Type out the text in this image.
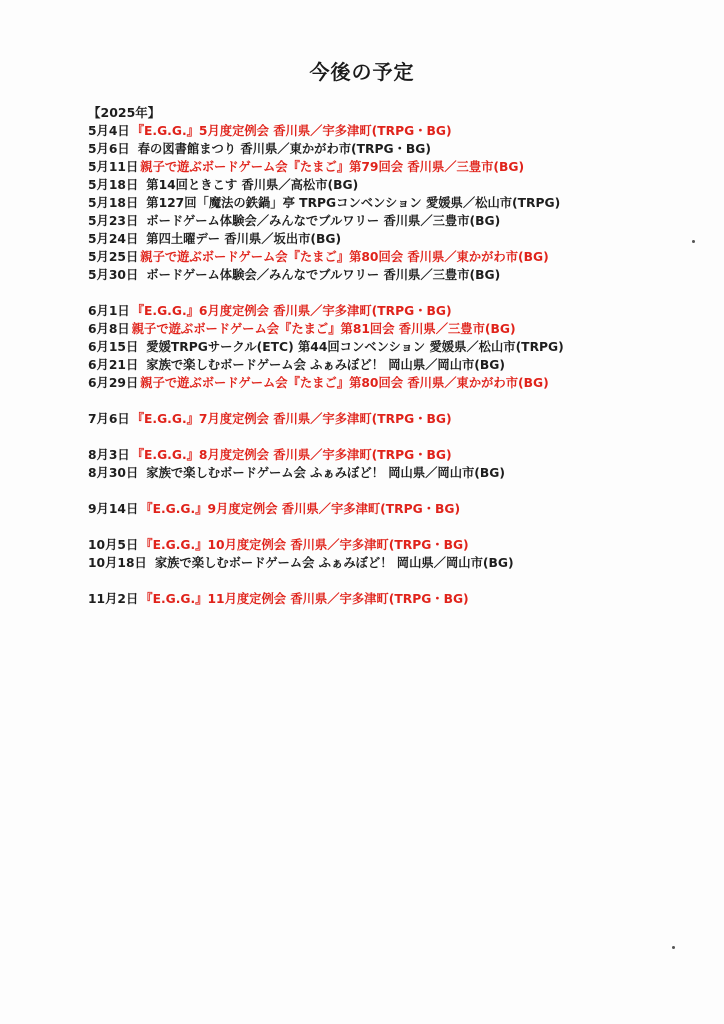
今後の予定
【2025年】
5月4日 『E.G.G.』5月度定例会 香川県／宇多津町(TRPG・BG)
5月6日 春の図書館まつり 香川県／東かがわ市(TRPG・BG)
5月11日 親子で遊ぶボードゲーム会『たまご』第79回会 香川県／三豊市(BG)
5月18日 第14回ときこす 香川県／高松市(BG)
5月18日 第127回「魔法の鉄鍋」亭 TRPGコンベンション 愛媛県／松山市(TRPG)
5月23日 ボードゲーム体験会／みんなでブルワリー 香川県／三豊市(BG)
5月24日 第四土曜デー 香川県／坂出市(BG)
5月25日 親子で遊ぶボードゲーム会『たまご』第80回会 香川県／東かがわ市(BG)
5月30日 ボードゲーム体験会／みんなでブルワリー 香川県／三豊市(BG)
6月1日 『E.G.G.』6月度定例会 香川県／宇多津町(TRPG・BG)
6月8日 親子で遊ぶボードゲーム会『たまご』第81回会 香川県／三豊市(BG)
6月15日 愛媛TRPGサークル(ETC) 第44回コンベンション 愛媛県／松山市(TRPG)
6月21日 家族で楽しむボードゲーム会 ふぁみぼど！ 岡山県／岡山市(BG)
6月29日 親子で遊ぶボードゲーム会『たまご』第80回会 香川県／東かがわ市(BG)
7月6日 『E.G.G.』7月度定例会 香川県／宇多津町(TRPG・BG)
8月3日 『E.G.G.』8月度定例会 香川県／宇多津町(TRPG・BG)
8月30日 家族で楽しむボードゲーム会 ふぁみぼど！ 岡山県／岡山市(BG)
9月14日 『E.G.G.』9月度定例会 香川県／宇多津町(TRPG・BG)
10月5日 『E.G.G.』10月度定例会 香川県／宇多津町(TRPG・BG)
10月18日 家族で楽しむボードゲーム会 ふぁみぼど！ 岡山県／岡山市(BG)
11月2日 『E.G.G.』11月度定例会 香川県／宇多津町(TRPG・BG)
